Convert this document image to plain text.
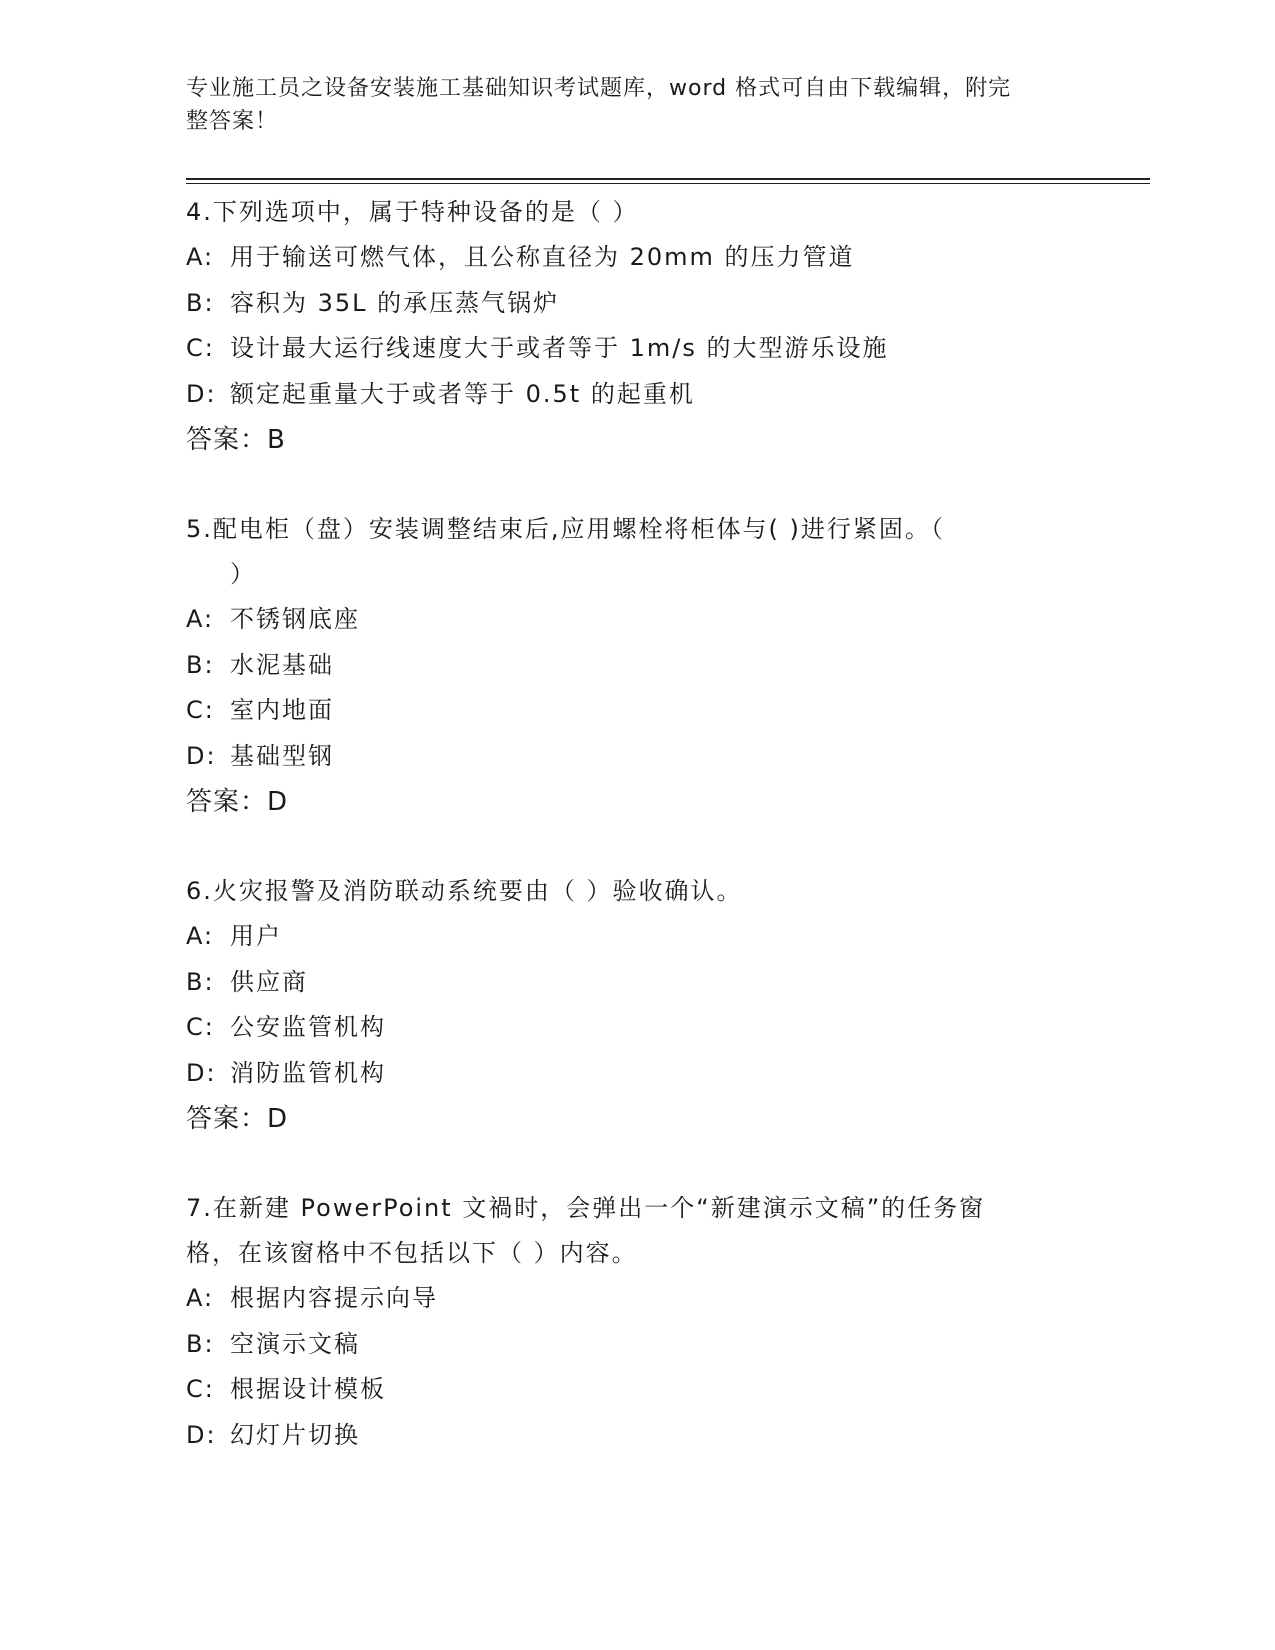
专业施工员之设备安装施工基础知识考试题库，word 格式可自由下载编辑，附完
整答案！

4.下列选项中，属于特种设备的是（ ）

A: 用于输送可燃气体，且公称直径为 20mm 的压力管道

B: 容积为 35L 的承压蒸气锅炉

C: 设计最大运行线速度大于或者等于 1m/s 的大型游乐设施

D: 额定起重量大于或者等于 0.5t 的起重机

答案：B

5.配电柜（盘）安装调整结束后,应用螺栓将柜体与( )进行紧固。（
）

A: 不锈钢底座

B: 水泥基础

C: 室内地面

D: 基础型钢

答案：D

6.火灾报警及消防联动系统要由（ ）验收确认。

A: 用户

B: 供应商

C: 公安监管机构

D: 消防监管机构

答案：D

7.在新建 PowerPoint 文禍时，会弹出一个“新建演示文稿”的任务窗
格，在该窗格中不包括以下（ ）内容。

A: 根据内容提示向导

B: 空演示文稿

C: 根据设计模板

D: 幻灯片切换
